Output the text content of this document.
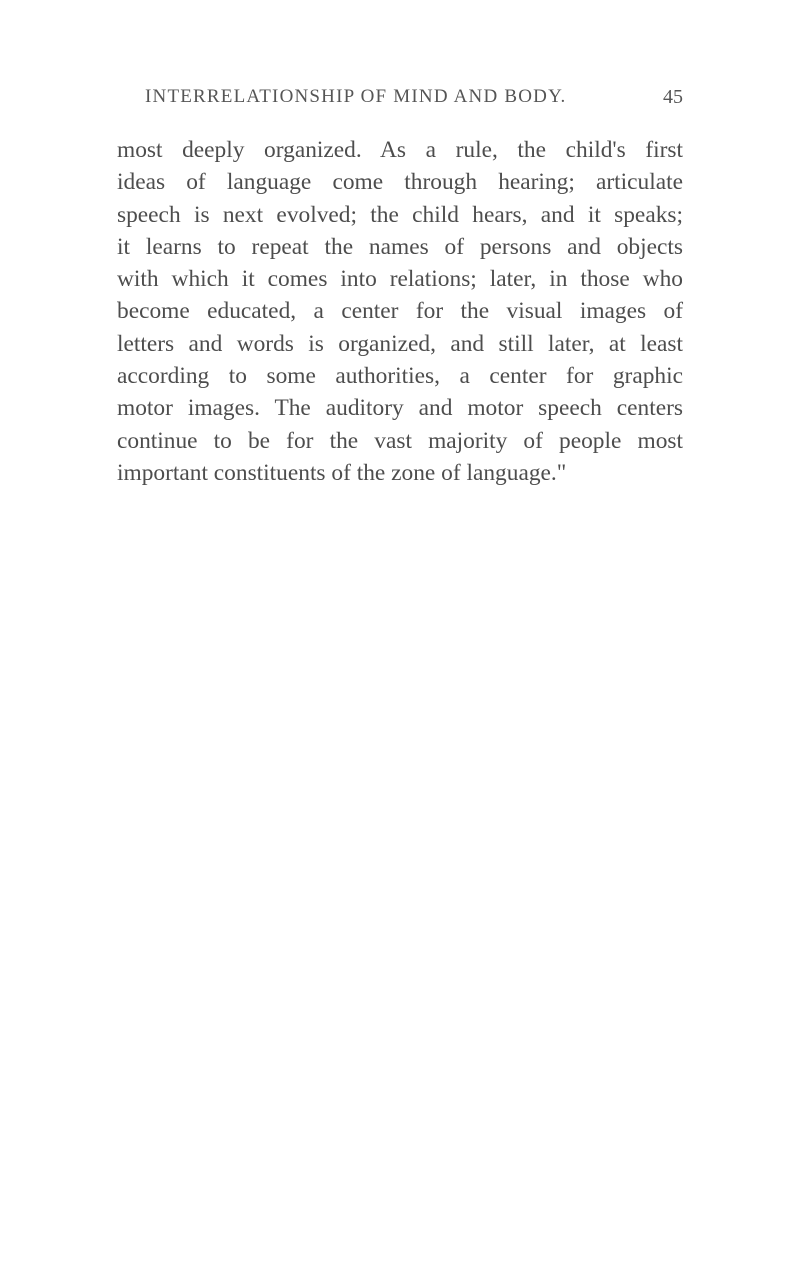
INTERRELATIONSHIP OF MIND AND BODY.	45

most deeply organized. As a rule, the child's first
ideas of language come through hearing; articulate
speech is next evolved; the child hears, and it speaks;
it learns to repeat the names of persons and objects
with which it comes into relations; later, in those who
become educated, a center for the visual images of
letters and words is organized, and still later, at least
according to some authorities, a center for graphic
motor images. The auditory and motor speech centers
continue to be for the vast majority of people most
important constituents of the zone of language."
